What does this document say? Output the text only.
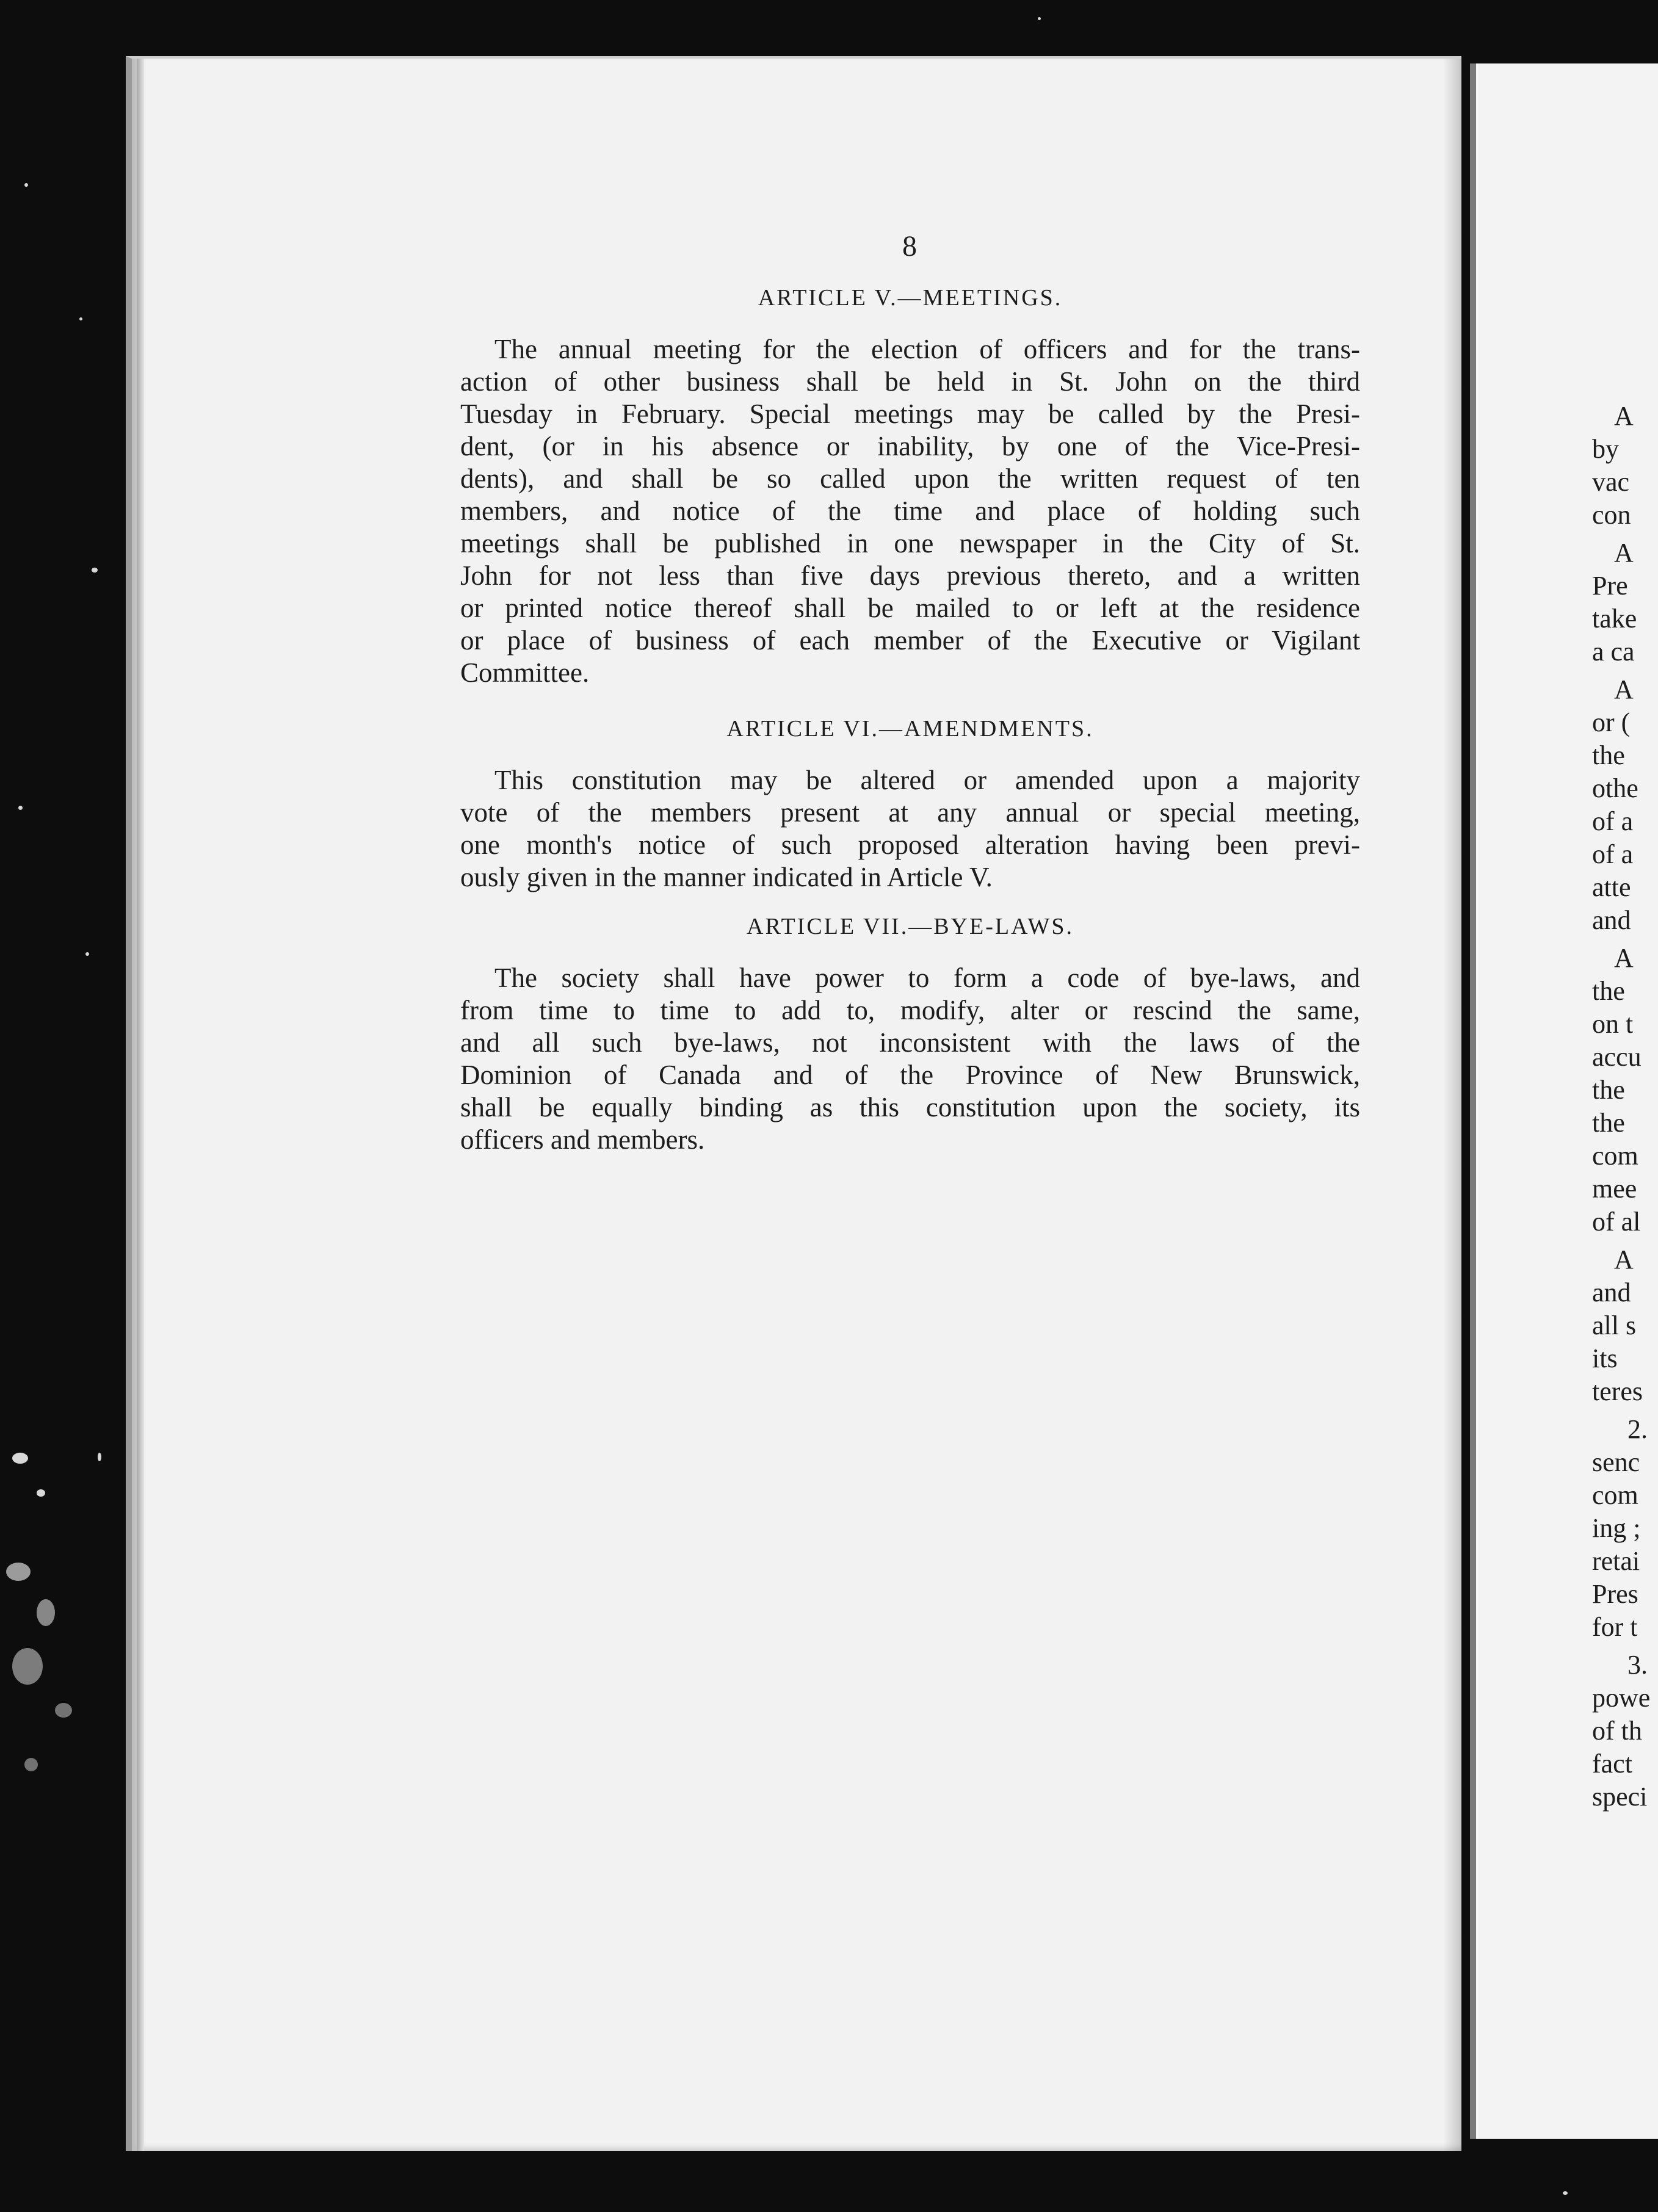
8
ARTICLE V.—MEETINGS.
The annual meeting for the election of officers and for the trans-
action of other business shall be held in St. John on the third
Tuesday in February. Special meetings may be called by the Presi-
dent, (or in his absence or inability, by one of the Vice-Presi-
dents), and shall be so called upon the written request of ten
members, and notice of the time and place of holding such
meetings shall be published in one newspaper in the City of St.
John for not less than five days previous thereto, and a written
or printed notice thereof shall be mailed to or left at the residence
or place of business of each member of the Executive or Vigilant
Committee.
ARTICLE VI.—AMENDMENTS.
This constitution may be altered or amended upon a majority
vote of the members present at any annual or special meeting,
one month's notice of such proposed alteration having been previ-
ously given in the manner indicated in Article V.
ARTICLE VII.—BYE-LAWS.
The society shall have power to form a code of bye-laws, and
from time to time to add to, modify, alter or rescind the same,
and all such bye-laws, not inconsistent with the laws of the
Dominion of Canada and of the Province of New Brunswick,
shall be equally binding as this constitution upon the society, its
officers and members.
A
by
vac
con
A
Pre
take
a ca
A
or (
the
othe
of a
of a
atte
and
A
the
on t
accu
the
the
com
mee
of al
A
and
all s
its
teres
2.
senc
com
ing ;
retai
Pres
for t
3.
powe
of th
fact
speci
